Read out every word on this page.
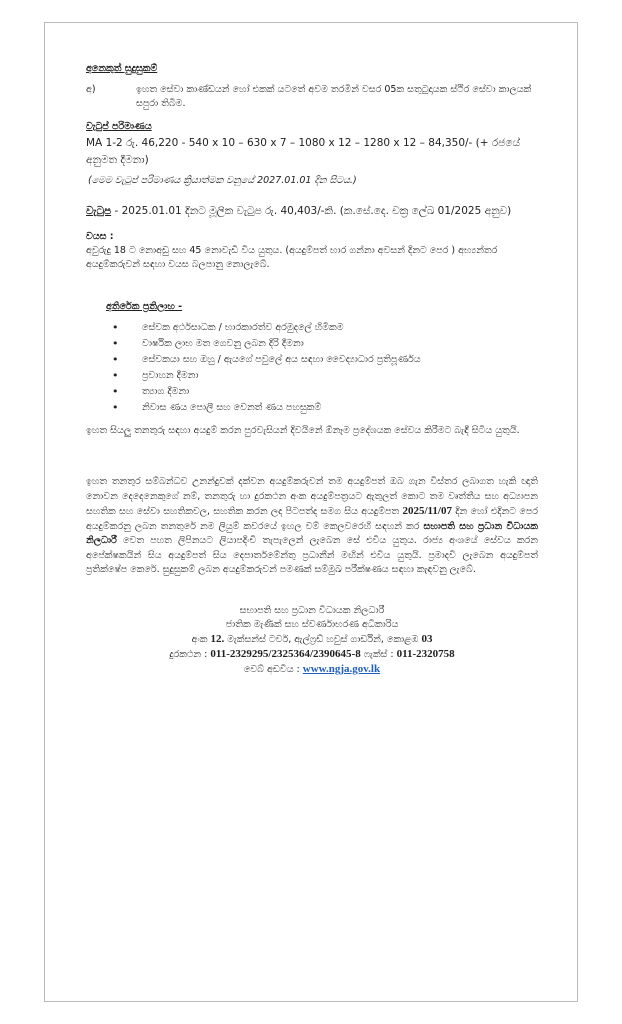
අනෙකුත් සුදුසුකම්
අ)	ඉහත සේවා කාණ්ඩයන් හෝ එකක් යටතේ අවම තරමින් වසර 05ක සතුටුදායක ස්ථිර සේවා කාලයක් සපුරා තිබීම.
වැටුප් පරිමාණය
MA 1-2 රු. 46,220 - 540 x 10 – 630 x 7 – 1080 x 12 – 1280 x 12 – 84,350/- (+ රජයේ අනුමත දීමනා)
(මෙම වැටුප් පරිමාණය ක්‍රියාත්මක වනුයේ 2027.01.01 දින සිටය.)
වැටුප - 2025.01.01 දිනට මූලික වැටුප රු. 40,403/-කි. (ක.සේ.දෙ. චක්‍ර ලේඛ 01/2025 අනුව)
වයස :
අවුරුදු 18 ට නොඅඩු සහ 45 නොවැඩි විය යුතුය. (අයදුම්පත් භාර ගන්නා අවසන් දිනට පෙර ) අභ්‍යන්තර අයදුම්කරුවන් සඳහා වයස බලපානු නොලැබේ.
අතිරේක ප්‍රතිලාභ -
• සේවක අර්ථසාධක / භාරකාරත්ව අරමුදලේ හිමිකම
• වාර්ෂික ලාභ මත ගෙවනු ලබන දිරි දීමනා
• සේවකයා සහ ඔහු / ඇයගේ පවුලේ අය සඳහා වෛද්‍යාධාර ප්‍රතිපූර්ණය
• ප්‍රවාහන දීමනා
• ත්‍යාග දීමනා
• නිවාස ණය පොලී සහ වෙනත් ණය පහසුකම්
ඉහත සියලු තනතුරු සඳහා අයදුම් කරන පුරවැසියන් දිවයිනේ ඕනෑම ප්‍රදේශයක සේවය කිරීමට බැඳී සිටිය යුතුයි.
ඉහත තනතුර සම්බන්ධව උනන්දුවක් දක්වන අයදුම්කරුවන් තම අයදුම්පත් ඔබ ගැන විස්තර ලබාගත හැකි ඥාති නොවන දෙදෙනෙකුගේ නම්, තනතුරු හා දුරකථන අංක අයදුම්පත්‍රයට ඇතුලත් කොට තම වෘත්තීය සහ අධ්‍යාපන සහතික සහ සේවා සහතිකවල, සහතික කරන ලද පිටපත්ද සමග සිය අයදුම්පත 2025/11/07 දින හෝ එදිනට පෙර අයදුම්කරනු ලබන තනතුරේ නම ලියුම් කවරයේ ඉහල වම් කෙලවරෙහි සඳහන් කර සභාපති සහ ප්‍රධාන විධායක නිලධාරී වෙත පහත ලිපිනයට ලියාපදිංචි තැපැලෙන් ලැබෙන සේ එවිය යුතුය. රාජ්‍ය අංශයේ සේවය කරන අපේක්ෂකයින් සිය අයදුම්පත් සිය දෙපාර්තමේන්තු ප්‍රධානීන් මඟින් එවිය යුතුයි. ප්‍රමාදවී ලැබෙන අයදුම්පත් ප්‍රතික්ෂේප කෙරේ. සුදුසුකම් ලබන අයදුම්කරුවන් පමණක් සම්මුඛ පරීක්ෂණය සඳහා කැඳවනු ලැබේ.
සභාපති සහ ප්‍රධාන විධායක නිලධාරී
ජාතික මැණික් සහ ස්වර්ණාභරණ අධිකාරිය
අංක 12. මැක්සන්ස් ටවර්, ඇල්ෆ්‍රඩ් හවුස් ගාර්ඩින්, කොළඹ 03
දුරකථන : 011-2329295/2325364/2390645-8 ෆැක්ස් : 011-2320758
වෙබ් අඩවිය : www.ngja.gov.lk
